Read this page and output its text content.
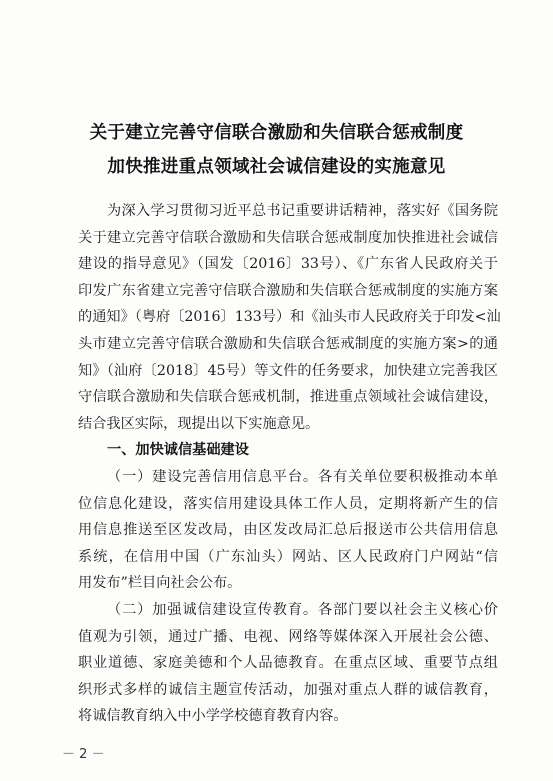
关于建立完善守信联合激励和失信联合惩戒制度
加快推进重点领域社会诚信建设的实施意见
为深入学习贯彻习近平总书记重要讲话精神，落实好《国务院
关于建立完善守信联合激励和失信联合惩戒制度加快推进社会诚信
建设的指导意见》（国发〔2016〕33号）、《广东省人民政府关于
印发广东省建立完善守信联合激励和失信联合惩戒制度的实施方案
的通知》（粤府〔2016〕133号）和《汕头市人民政府关于印发<汕
头市建立完善守信联合激励和失信联合惩戒制度的实施方案>的通
知》（汕府〔2018〕45号）等文件的任务要求，加快建立完善我区
守信联合激励和失信联合惩戒机制，推进重点领域社会诚信建设，
结合我区实际，现提出以下实施意见。
一、加快诚信基础建设
（一）建设完善信用信息平台。各有关单位要积极推动本单
位信息化建设，落实信用建设具体工作人员，定期将新产生的信
用信息推送至区发改局，由区发改局汇总后报送市公共信用信息
系统，在信用中国（广东汕头）网站、区人民政府门户网站“信
用发布”栏目向社会公布。
（二）加强诚信建设宣传教育。各部门要以社会主义核心价
值观为引领，通过广播、电视、网络等媒体深入开展社会公德、
职业道德、家庭美德和个人品德教育。在重点区域、重要节点组
织形式多样的诚信主题宣传活动，加强对重点人群的诚信教育，
将诚信教育纳入中小学学校德育教育内容。
－ 2 －
